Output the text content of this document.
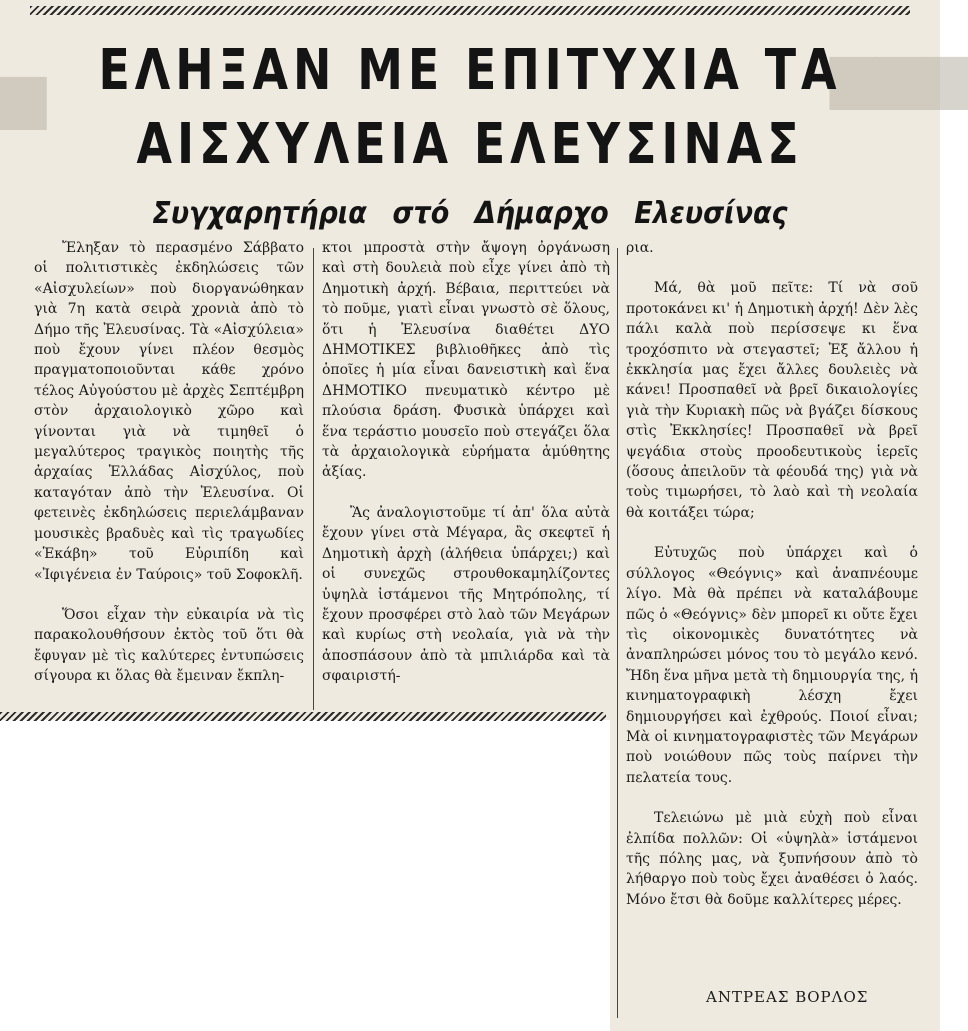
▆▆▆
▆ ΕΛΗΞΑΝ ΜΕ ΕΠΙΤΥΧΙΑ ΤΑ
ΑΙΣΧΥΛΕΙΑ ΕΛΕΥΣΙΝΑΣ
Συγχαρητήρια στό Δήμαρχο Ελευσίνας

Ἔληξαν τὸ περασμένο Σάββατο οἱ πολιτιστικὲς ἐκδηλώσεις τῶν «Αἰσχυλείων» ποὺ διοργανώθηκαν γιὰ 7η κατὰ σειρὰ χρονιὰ ἀπὸ τὸ Δήμο τῆς Ἐλευσίνας. Τὰ «Αἰσχύλεια» ποὺ ἔχουν γίνει πλέον θεσμὸς πραγματοποιοῦνται κάθε χρόνο τέλος Αὐγούστου μὲ ἀρχὲς Σεπτέμβρη στὸν ἀρχαιολογικὸ χῶρο καὶ γίνονται γιὰ νὰ τιμηθεῖ ὁ μεγαλύτερος τραγικὸς ποιητὴς τῆς ἀρχαίας Ἑλλάδας Αἰσχύλος, ποὺ καταγόταν ἀπὸ τὴν Ἐλευσίνα. Οἱ φετεινὲς ἐκδηλώσεις περιελάμβαναν μουσικὲς βραδυὲς καὶ τὶς τραγωδίες «Ἑκάβη» τοῦ Εὐριπίδη καὶ «Ἰφιγένεια ἐν Ταύροις» τοῦ Σοφοκλῆ.

Ὅσοι εἶχαν τὴν εὐκαιρία νὰ τὶς παρακολουθήσουν ἐκτὸς τοῦ ὅτι θὰ ἔφυγαν μὲ τὶς καλύτερες ἐντυπώσεις σίγουρα κι ὅλας θὰ ἔμειναν ἔκπλη-

κτοι μπροστὰ στὴν ἄψογη ὀργάνωση καὶ στὴ δουλειὰ ποὺ εἶχε γίνει ἀπὸ τὴ Δημοτικὴ ἀρχή. Βέβαια, περιττεύει νὰ τὸ ποῦμε, γιατὶ εἶναι γνωστὸ σὲ ὅλους, ὅτι ἡ Ἐλευσίνα διαθέτει ΔΥΟ ΔΗΜΟΤΙΚΕΣ βιβλιοθῆκες ἀπὸ τὶς ὁποῖες ἡ μία εἶναι δανειστικὴ καὶ ἕνα ΔΗΜΟΤΙΚΟ πνευματικὸ κέντρο μὲ πλούσια δράση. Φυσικὰ ὑπάρχει καὶ ἕνα τεράστιο μουσεῖο ποὺ στεγάζει ὅλα τὰ ἀρχαιολογικὰ εὑρήματα ἀμύθητης ἀξίας.

Ἂς ἀναλογιστοῦμε τί ἀπ' ὅλα αὐτὰ ἔχουν γίνει στὰ Μέγαρα, ἂς σκεφτεῖ ἡ Δημοτικὴ ἀρχὴ (ἀλήθεια ὑπάρχει;) καὶ οἱ συνεχῶς στρουθοκαμηλίζοντες ὑψηλὰ ἱστάμενοι τῆς Μητρόπολης, τί ἔχουν προσφέρει στὸ λαὸ τῶν Μεγάρων καὶ κυρίως στὴ νεολαία, γιὰ νὰ τὴν ἀποσπάσουν ἀπὸ τὰ μπιλιάρδα καὶ τὰ σφαιριστή-

ρια.

Μά, θὰ μοῦ πεῖτε: Τί νὰ σοῦ προτοκάνει κι' ἡ Δημοτικὴ ἀρχή! Δὲν λὲς πάλι καλὰ ποὺ περίσσεψε κι ἕνα τροχόσπιτο νὰ στεγαστεῖ; Ἐξ ἄλλου ἡ ἐκκλησία μας ἔχει ἄλλες δουλειὲς νὰ κάνει! Προσπαθεῖ νὰ βρεῖ δικαιολογίες γιὰ τὴν Κυριακὴ πῶς νὰ βγάζει δίσκους στὶς Ἐκκλησίες! Προσπαθεῖ νὰ βρεῖ ψεγάδια στοὺς προοδευτικοὺς ἱερεῖς (ὅσους ἀπειλοῦν τὰ φέουδά της) γιὰ νὰ τοὺς τιμωρήσει, τὸ λαὸ καὶ τὴ νεολαία θὰ κοιτάξει τώρα;

Εὐτυχῶς ποὺ ὑπάρχει καὶ ὁ σύλλογος «Θεόγνις» καὶ ἀναπνέουμε λίγο. Μὰ θὰ πρέπει νὰ καταλάβουμε πῶς ὁ «Θεόγνις» δὲν μπορεῖ κι οὔτε ἔχει τὶς οἰκονομικὲς δυνατότητες νὰ ἀναπληρώσει μόνος του τὸ μεγάλο κενό. Ἤδη ἕνα μῆνα μετὰ τὴ δημιουργία της, ἡ κινηματογραφικὴ λέσχη ἔχει δημιουργήσει καὶ ἐχθρούς. Ποιοί εἶναι; Μὰ οἱ κινηματογραφιστὲς τῶν Μεγάρων ποὺ νοιώθουν πῶς τοὺς παίρνει τὴν πελατεία τους.

Τελειώνω μὲ μιὰ εὐχὴ ποὺ εἶναι ἐλπίδα πολλῶν: Οἱ «ὑψηλὰ» ἱστάμενοι τῆς πόλης μας, νὰ ξυπνήσουν ἀπὸ τὸ λήθαργο ποὺ τοὺς ἔχει ἀναθέσει ὁ λαός. Μόνο ἔτσι θὰ δοῦμε καλλίτερες μέρες.

ΑΝΤΡΕΑΣ ΒΟΡΛΟΣ
